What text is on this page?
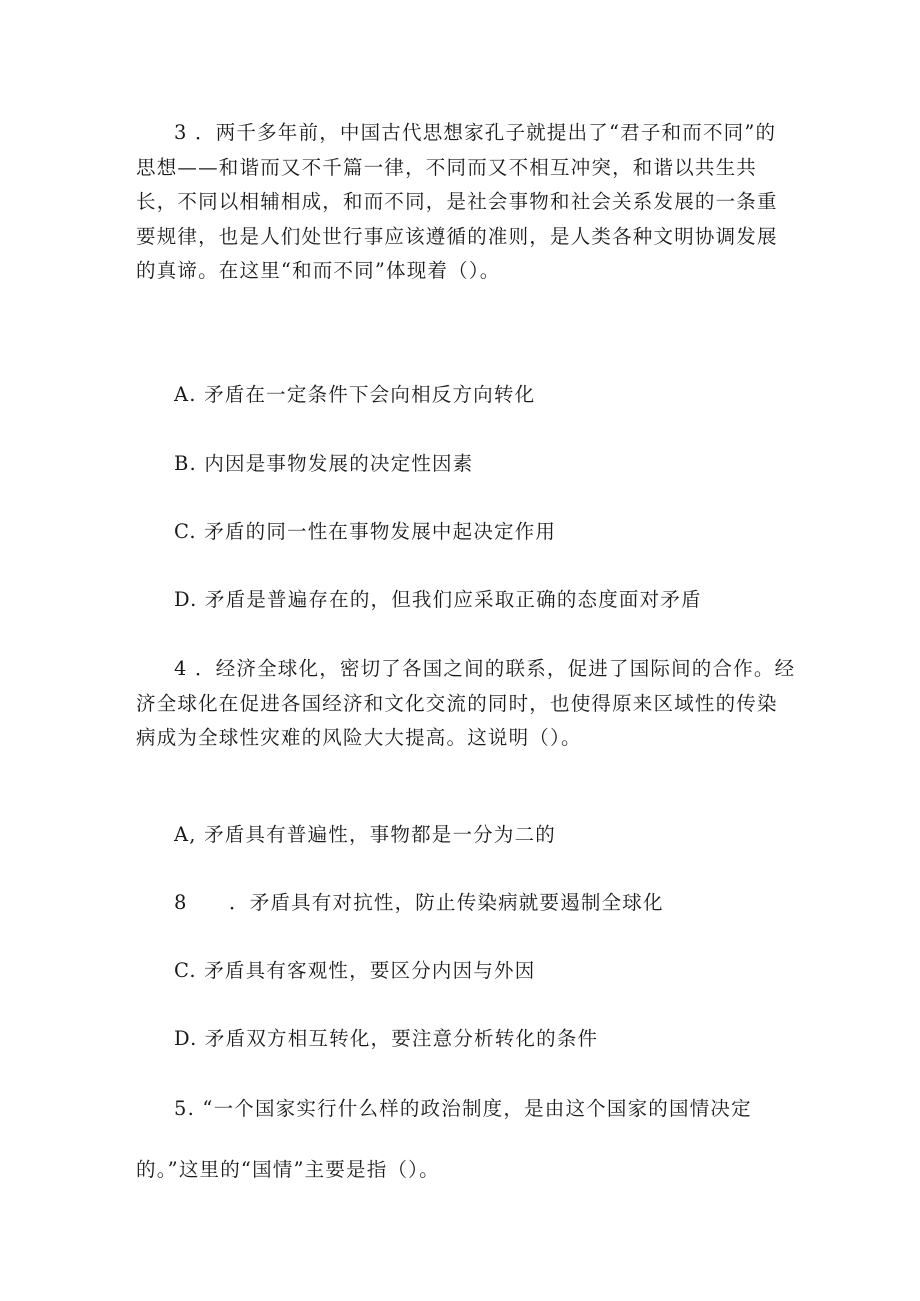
3 ．两千多年前，中国古代思想家孔子就提出了“君子和而不同”的思想——和谐而又不千篇一律，不同而又不相互冲突，和谐以共生共长，不同以相辅相成，和而不同，是社会事物和社会关系发展的一条重要规律，也是人们处世行事应该遵循的准则，是人类各种文明协调发展的真谛。在这里“和而不同”体现着（）。

A. 矛盾在一定条件下会向相反方向转化

B. 内因是事物发展的决定性因素

C. 矛盾的同一性在事物发展中起决定作用

D. 矛盾是普遍存在的，但我们应采取正确的态度面对矛盾

4 ．经济全球化，密切了各国之间的联系，促进了国际间的合作。经济全球化在促进各国经济和文化交流的同时，也使得原来区域性的传染病成为全球性灾难的风险大大提高。这说明（）。

A, 矛盾具有普遍性，事物都是一分为二的

8　　．矛盾具有对抗性，防止传染病就要遏制全球化

C. 矛盾具有客观性，要区分内因与外因

D. 矛盾双方相互转化，要注意分析转化的条件

5. “一个国家实行什么样的政治制度，是由这个国家的国情决定

的。”这里的“国情”主要是指（）。
